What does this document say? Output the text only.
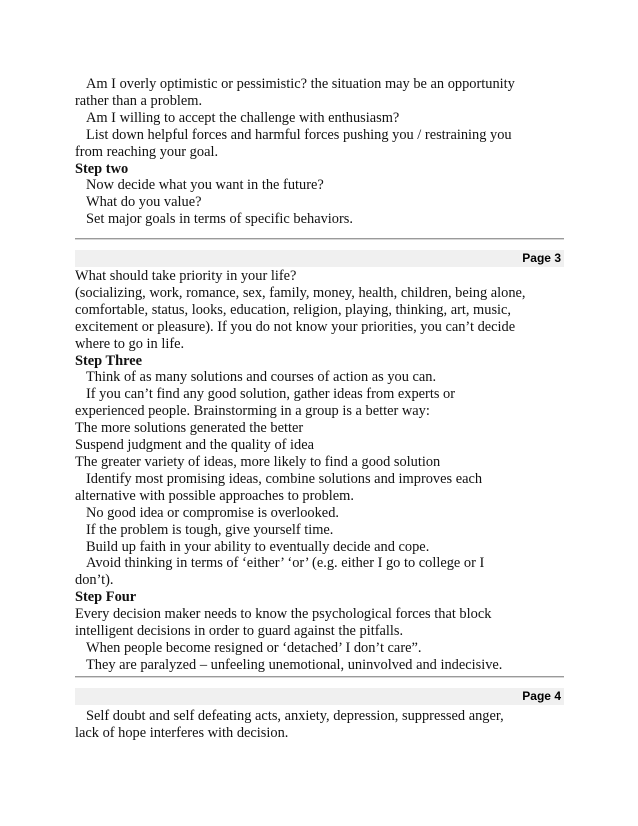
Am I overly optimistic or pessimistic? the situation may be an opportunity
rather than a problem.
Am I willing to accept the challenge with enthusiasm?
List down helpful forces and harmful forces pushing you / restraining you
from reaching your goal.
Step two
Now decide what you want in the future?
What do you value?
Set major goals in terms of specific behaviors.
Page 3
What should take priority in your life?
(socializing, work, romance, sex, family, money, health, children, being alone,
comfortable, status, looks, education, religion, playing, thinking, art, music,
excitement or pleasure). If you do not know your priorities, you can’t decide
where to go in life.
Step Three
Think of as many solutions and courses of action as you can.
If you can’t find any good solution, gather ideas from experts or
experienced people. Brainstorming in a group is a better way:
The more solutions generated the better
Suspend judgment and the quality of idea
The greater variety of ideas, more likely to find a good solution
Identify most promising ideas, combine solutions and improves each
alternative with possible approaches to problem.
No good idea or compromise is overlooked.
If the problem is tough, give yourself time.
Build up faith in your ability to eventually decide and cope.
Avoid thinking in terms of ‘either’ ‘or’ (e.g. either I go to college or I
don’t).
Step Four
Every decision maker needs to know the psychological forces that block
intelligent decisions in order to guard against the pitfalls.
When people become resigned or ‘detached’ I don’t care”.
They are paralyzed – unfeeling unemotional, uninvolved and indecisive.
Page 4
Self doubt and self defeating acts, anxiety, depression, suppressed anger,
lack of hope interferes with decision.
